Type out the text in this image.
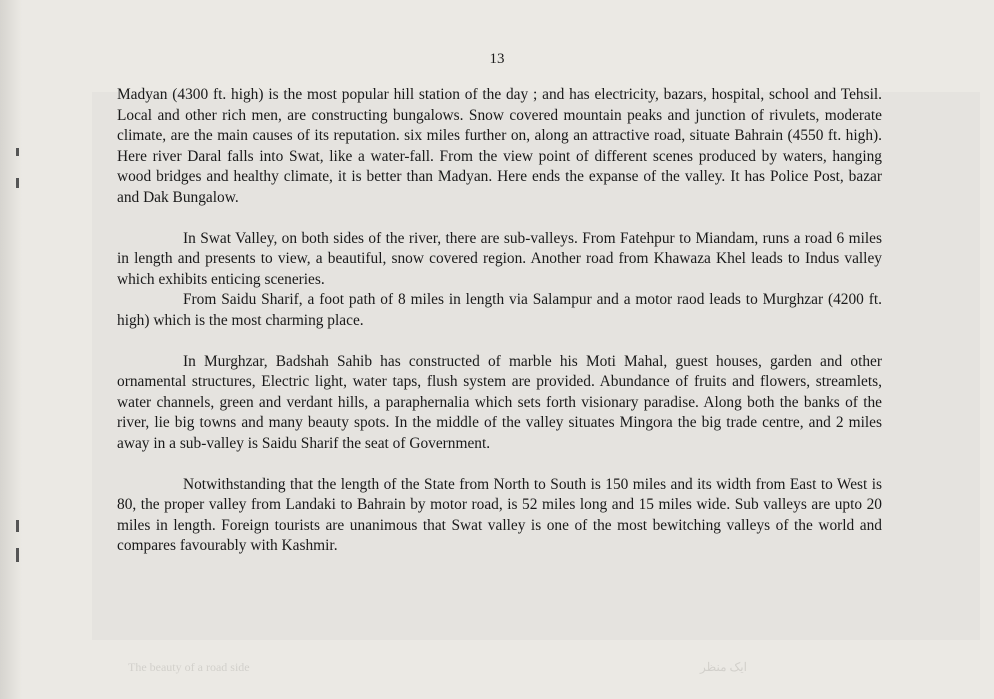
13

Madyan (4300 ft. high) is the most popular hill station of the day ; and has electricity, bazars, hospital, school and Tehsil. Local and other rich men, are constructing bungalows. Snow covered mountain peaks and junction of rivulets, moderate climate, are the main causes of its reputation. six miles further on, along an attractive road, situate Bahrain (4550 ft. high). Here river Daral falls into Swat, like a water-fall. From the view point of different scenes produced by waters, hanging wood bridges and healthy climate, it is better than Madyan. Here ends the expanse of the valley. It has Police Post, bazar and Dak Bungalow.

In Swat Valley, on both sides of the river, there are sub-valleys. From Fatehpur to Miandam, runs a road 6 miles in length and presents to view, a beautiful, snow covered region. Another road from Khawaza Khel leads to Indus valley which exhibits enticing sceneries.

From Saidu Sharif, a foot path of 8 miles in length via Salampur and a motor raod leads to Murghzar (4200 ft. high) which is the most charming place.

In Murghzar, Badshah Sahib has constructed of marble his Moti Mahal, guest houses, garden and other ornamental structures, Electric light, water taps, flush system are provided. Abundance of fruits and flowers, streamlets, water channels, green and verdant hills, a paraphernalia which sets forth visionary paradise. Along both the banks of the river, lie big towns and many beauty spots. In the middle of the valley situates Mingora the big trade centre, and 2 miles away in a sub-valley is Saidu Sharif the seat of Government.

Notwithstanding that the length of the State from North to South is 150 miles and its width from East to West is 80, the proper valley from Landaki to Bahrain by motor road, is 52 miles long and 15 miles wide. Sub valleys are upto 20 miles in length. Foreign tourists are unanimous that Swat valley is one of the most bewitching valleys of the world and compares favourably with Kashmir.

The beauty of a road side	ایک منظر
